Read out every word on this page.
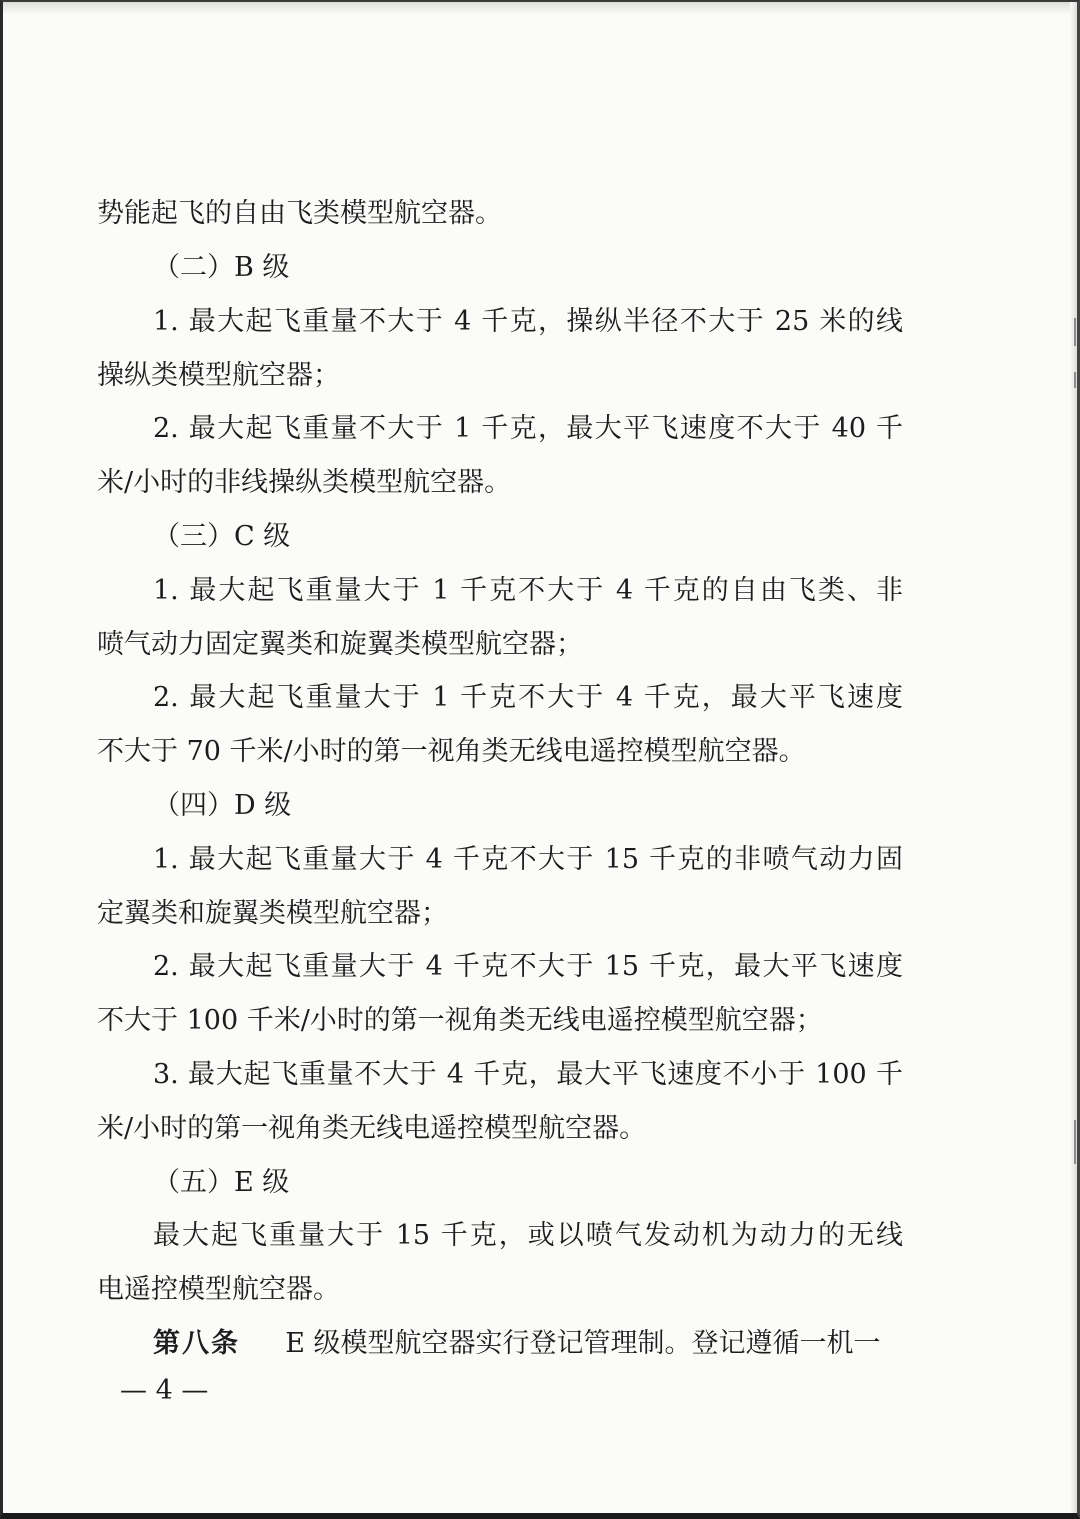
势能起飞的自由飞类模型航空器。
（二）B 级
1. 最大起飞重量不大于 4 千克，操纵半径不大于 25 米的线
操纵类模型航空器；
2. 最大起飞重量不大于 1 千克，最大平飞速度不大于 40 千
米/小时的非线操纵类模型航空器。
（三）C 级
1. 最大起飞重量大于 1 千克不大于 4 千克的自由飞类、非
喷气动力固定翼类和旋翼类模型航空器；
2. 最大起飞重量大于 1 千克不大于 4 千克，最大平飞速度
不大于 70 千米/小时的第一视角类无线电遥控模型航空器。
（四）D 级
1. 最大起飞重量大于 4 千克不大于 15 千克的非喷气动力固
定翼类和旋翼类模型航空器；
2. 最大起飞重量大于 4 千克不大于 15 千克，最大平飞速度
不大于 100 千米/小时的第一视角类无线电遥控模型航空器；
3. 最大起飞重量不大于 4 千克，最大平飞速度不小于 100 千
米/小时的第一视角类无线电遥控模型航空器。
（五）E 级
最大起飞重量大于 15 千克，或以喷气发动机为动力的无线
电遥控模型航空器。
第八条 E 级模型航空器实行登记管理制。登记遵循一机一
— 4 —
